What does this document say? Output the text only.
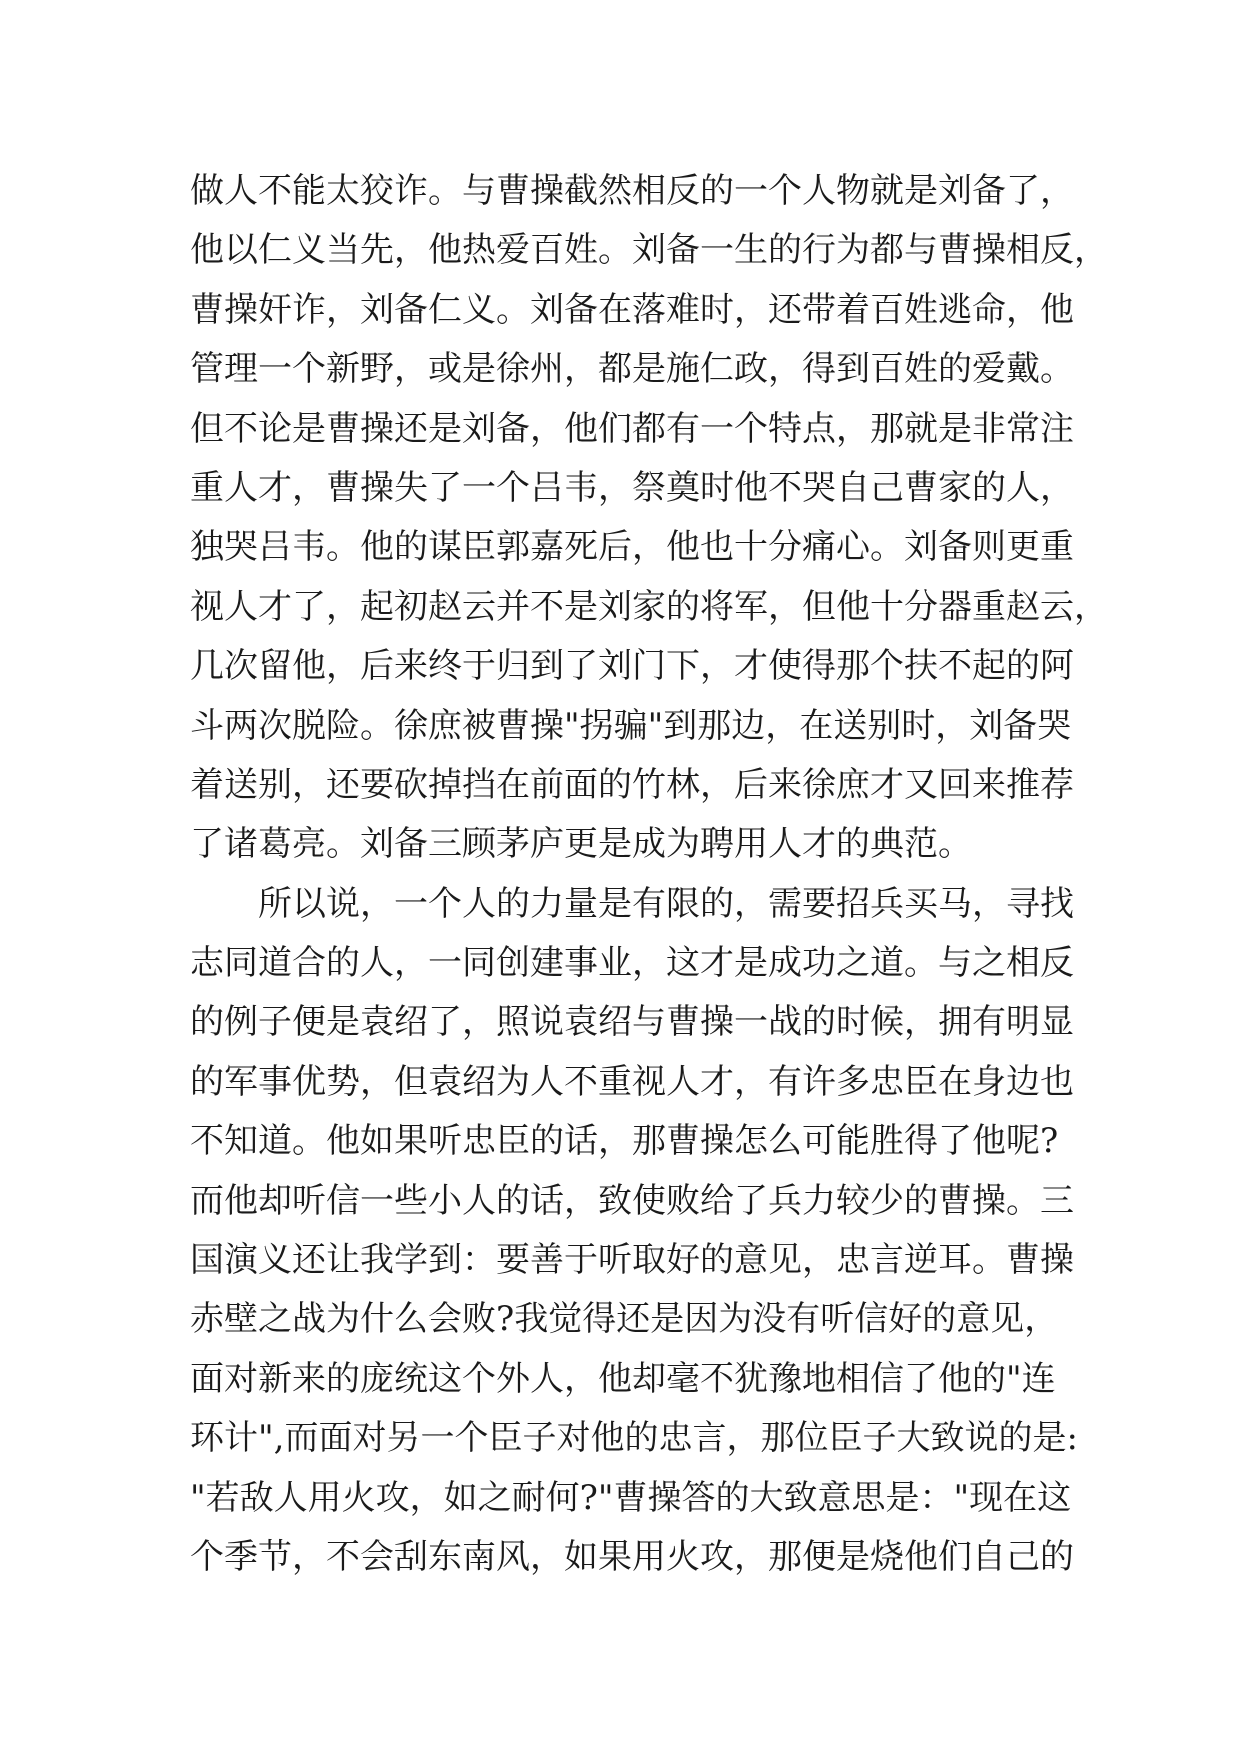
做人不能太狡诈。与曹操截然相反的一个人物就是刘备了，
他以仁义当先，他热爱百姓。刘备一生的行为都与曹操相反，
曹操奸诈，刘备仁义。刘备在落难时，还带着百姓逃命，他
管理一个新野，或是徐州，都是施仁政，得到百姓的爱戴。
但不论是曹操还是刘备，他们都有一个特点，那就是非常注
重人才，曹操失了一个吕韦，祭奠时他不哭自己曹家的人，
独哭吕韦。他的谋臣郭嘉死后，他也十分痛心。刘备则更重
视人才了，起初赵云并不是刘家的将军，但他十分器重赵云，
几次留他，后来终于归到了刘门下，才使得那个扶不起的阿
斗两次脱险。徐庶被曹操"拐骗"到那边，在送别时，刘备哭
着送别，还要砍掉挡在前面的竹林，后来徐庶才又回来推荐
了诸葛亮。刘备三顾茅庐更是成为聘用人才的典范。
所以说，一个人的力量是有限的，需要招兵买马，寻找
志同道合的人，一同创建事业，这才是成功之道。与之相反
的例子便是袁绍了，照说袁绍与曹操一战的时候，拥有明显
的军事优势，但袁绍为人不重视人才，有许多忠臣在身边也
不知道。他如果听忠臣的话，那曹操怎么可能胜得了他呢?
而他却听信一些小人的话，致使败给了兵力较少的曹操。三
国演义还让我学到：要善于听取好的意见，忠言逆耳。曹操
赤壁之战为什么会败?我觉得还是因为没有听信好的意见，
面对新来的庞统这个外人，他却毫不犹豫地相信了他的"连
环计",而面对另一个臣子对他的忠言，那位臣子大致说的是:
"若敌人用火攻，如之耐何?"曹操答的大致意思是："现在这
个季节，不会刮东南风，如果用火攻，那便是烧他们自己的
